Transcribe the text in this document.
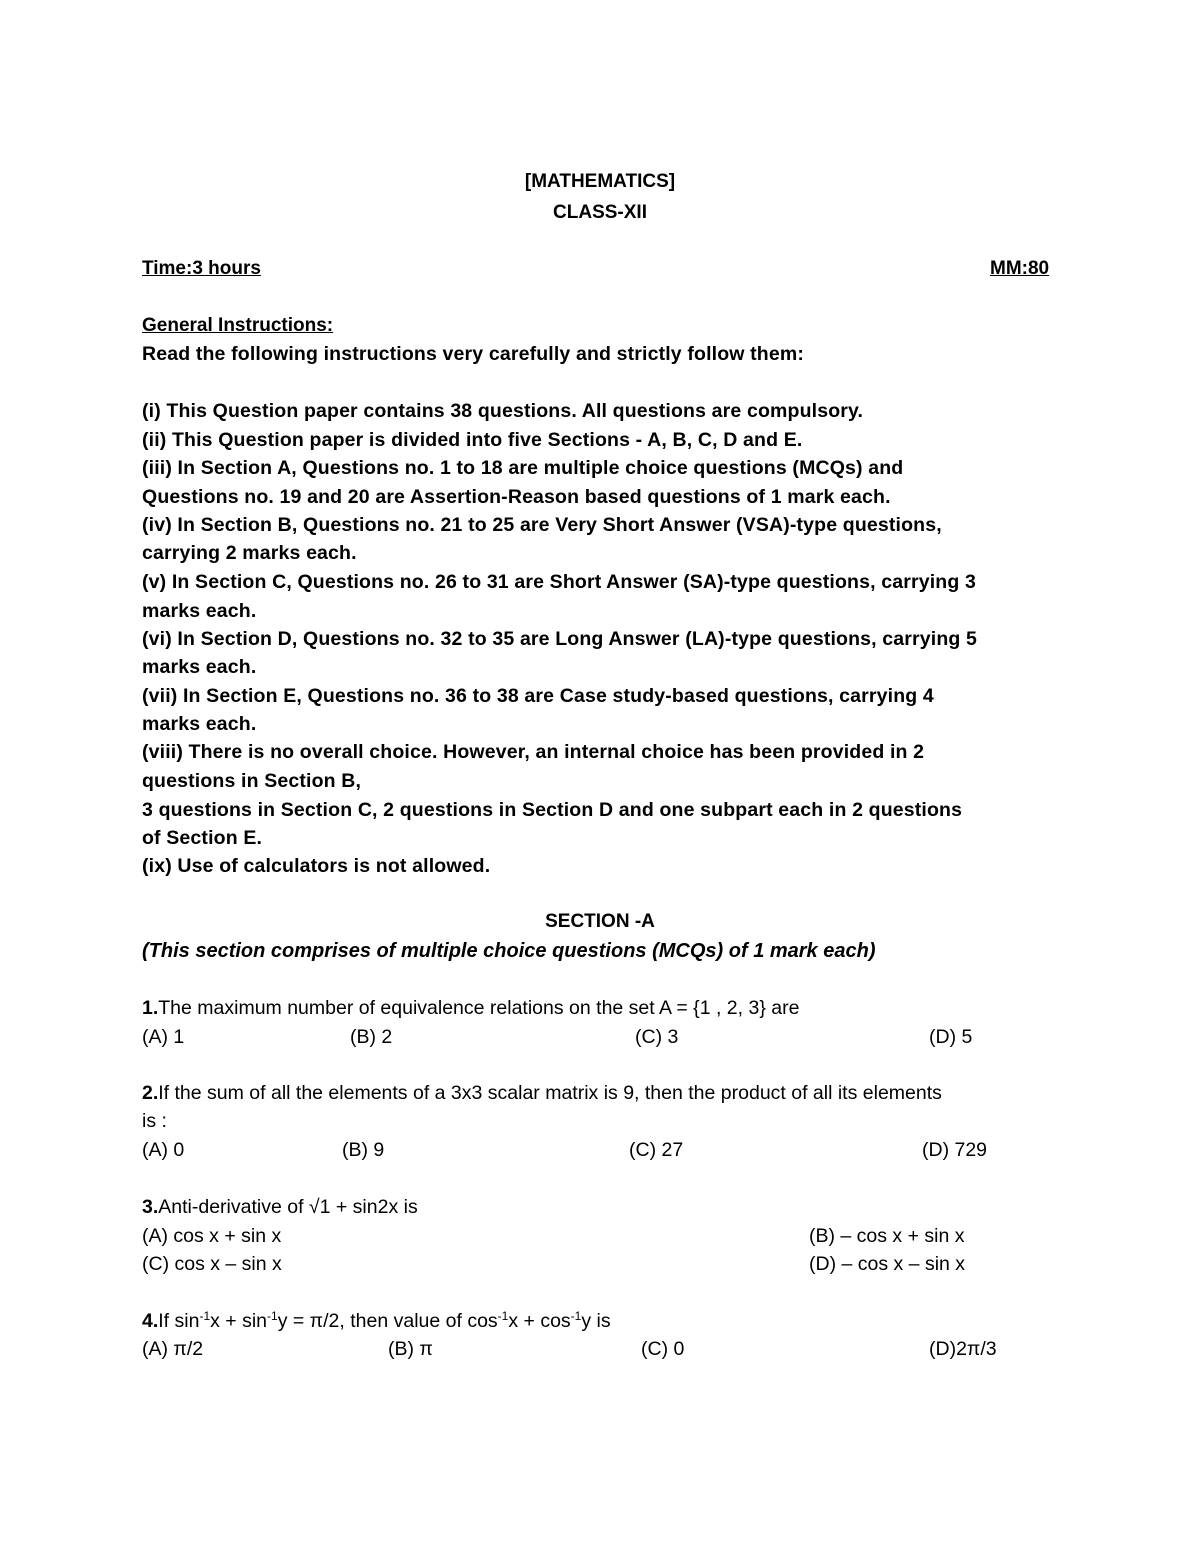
[MATHEMATICS]
CLASS-XII
Time:3 hours	MM:80
General Instructions:
Read the following instructions very carefully and strictly follow them:
(i) This Question paper contains 38 questions. All questions are compulsory.
(ii) This Question paper is divided into five Sections - A, B, C, D and E.
(iii) In Section A, Questions no. 1 to 18 are multiple choice questions (MCQs) and
Questions no. 19 and 20 are Assertion-Reason based questions of 1 mark each.
(iv) In Section B, Questions no. 21 to 25 are Very Short Answer (VSA)-type questions,
carrying 2 marks each.
(v) In Section C, Questions no. 26 to 31 are Short Answer (SA)-type questions, carrying 3
marks each.
(vi) In Section D, Questions no. 32 to 35 are Long Answer (LA)-type questions, carrying 5
marks each.
(vii) In Section E, Questions no. 36 to 38 are Case study-based questions, carrying 4
marks each.
(viii) There is no overall choice. However, an internal choice has been provided in 2
questions in Section B,
3 questions in Section C, 2 questions in Section D and one subpart each in 2 questions
of Section E.
(ix) Use of calculators is not allowed.
SECTION -A
(This section comprises of multiple choice questions (MCQs) of 1 mark each)
1.The maximum number of equivalence relations on the set A = {1 , 2, 3} are
(A) 1	(B) 2	(C) 3	(D) 5
2.If the sum of all the elements of a 3x3 scalar matrix is 9, then the product of all its elements
is :
(A) 0	(B) 9	(C) 27	(D) 729
3.Anti-derivative of √1 + sin2x is
(A) cos x + sin x	(B) – cos x + sin x
(C) cos x – sin x	(D) – cos x – sin x
4.If $\sin^{-1}x + \sin^{-1}y = \pi/2$, then value of $\cos^{-1}x + \cos^{-1}y$ is
(A) π/2	(B) π	(C) 0	(D)2π/3
